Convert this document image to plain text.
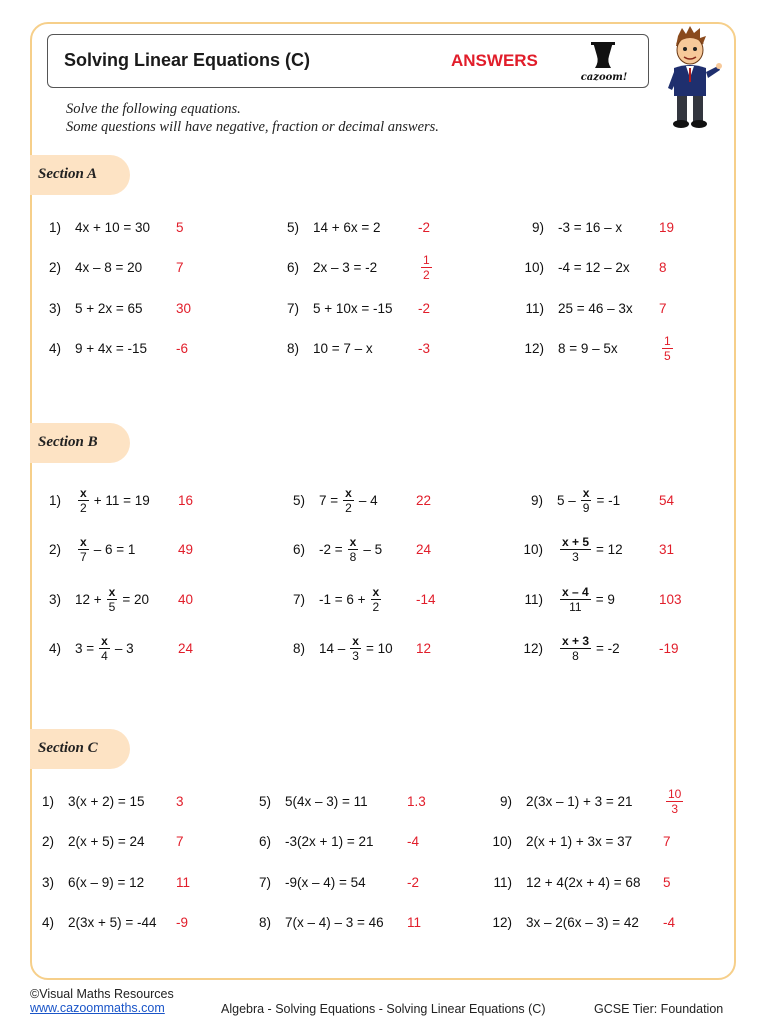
Solving Linear Equations (C)	ANSWERS
cazoom!
Solve the following equations.
Some questions will have negative, fraction or decimal answers.
Section A
Section B
Section C
1) 4x + 10 = 30 5
2) 4x – 8 = 20	7
3) 5 + 2x = 65 30
4) 9 + 4x = -15 -6
5) 14 + 6x = 2	-2
6) 2x – 3 = -2	$\frac{1}{2}$
7) 5 + 10x = -15 -2
8) 10 = 7 – x	-3
9) -3 = 16 – x	19
10) -4 = 12 – 2x 8
11) 25 = 46 – 3x 7
12) 8 = 9 – 5x	$\frac{1}{5}$
$1) \frac{x}{2} + 11 = 19$ 16
$2) \frac{x}{7} - 6 = 1$	49
3) $12 + \frac{x}{5} = 20$ 40
4) $3 = \frac{x}{4} - 3$	24
5) $7 = \frac{x}{2} - 4$	22
6) $-2 = \frac{x}{8} - 5$	24
7) $-1 = 6 + \frac{x}{2}$	-14
8) $14 - \frac{x}{3} = 10$ 12
9) $5 - \frac{x}{9} = -1$	54
$10) \frac{x + 5}{3} = 12$	31
$11) \frac{x - 4}{11} = 9$	103
$12) \frac{x + 3}{8} = -2$	-19
1) 3(x + 2) = 15 3
2) 2(x + 5) = 24 7
3) 6(x – 9) = 12 11
4) 2(3x + 5) = -44 -9
5) 5(4x – 3) = 11	1.3
6) -3(2x + 1) = 21 -4
7) -9(x – 4) = 54	-2
8) 7(x – 4) – 3 = 46 11
9) 2(3x – 1) + 3 = 21	$\frac{10}{3}$
10) 2(x + 1) + 3x = 37 7
11) 12 + 4(2x + 4) = 68 5
12) 3x – 2(6x – 3) = 42 -4
©Visual Maths Resources
www.cazoommaths.com	Algebra - Solving Equations - Solving Linear Equations (C)	GCSE Tier: Foundation
